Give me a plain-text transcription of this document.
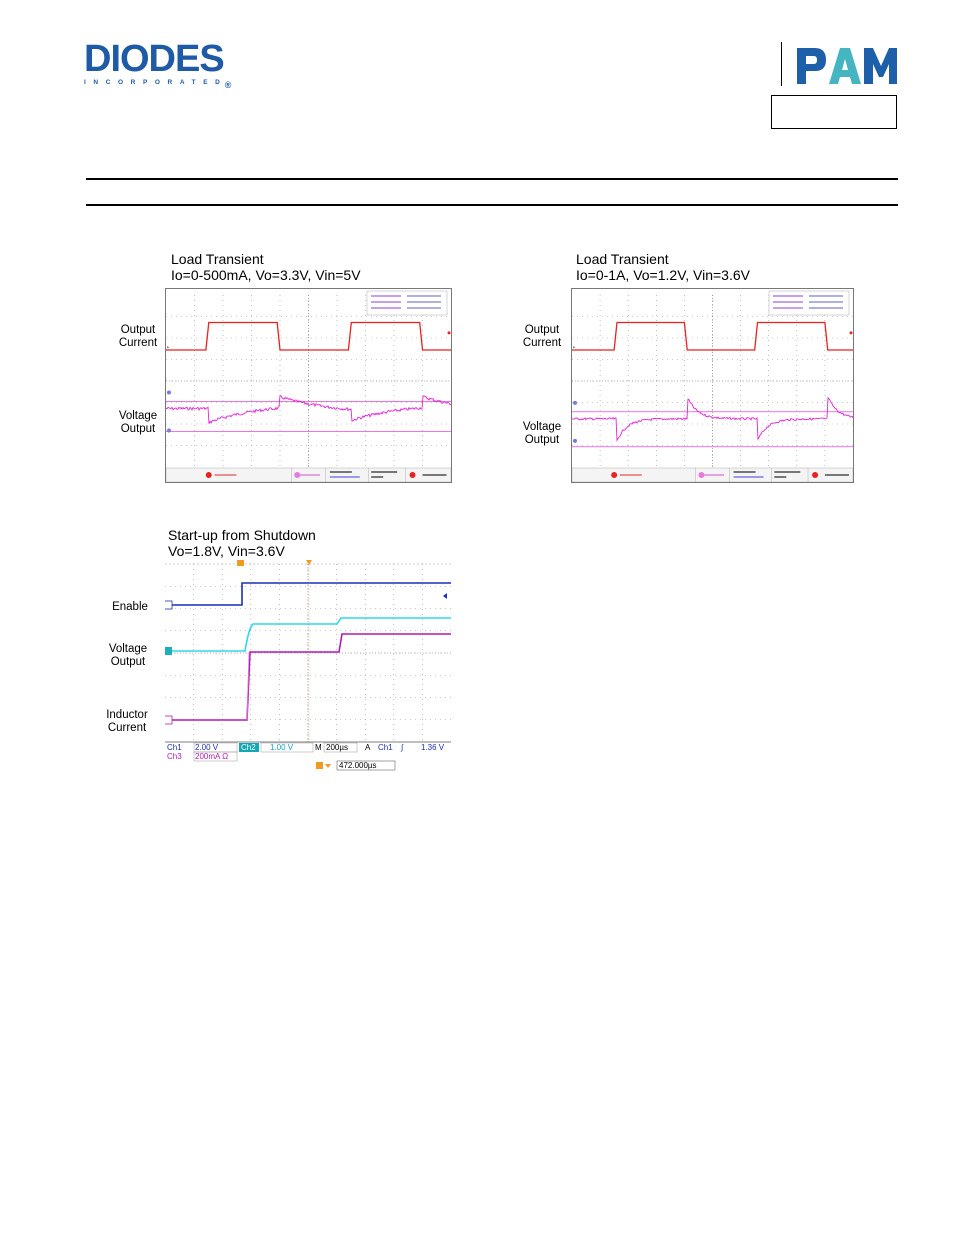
DIODES®
INCORPORATED
Load Transient
Io=0-500mA, Vo=3.3V, Vin=5V
Output
Current
Voltage
Output
▸
Load Transient
Io=0-1A, Vo=1.2V, Vin=3.6V
Output
Current
Voltage
Output
▸
Start-up from Shutdown
Vo=1.8V, Vin=3.6V
Enable
Voltage
Output
Inductor
Current
Ch1 2.00 V	Ch2 1.00 V	M 200µs A Ch1 ∫ 1.36 V
Ch3 200mA Ω
472.000µs
